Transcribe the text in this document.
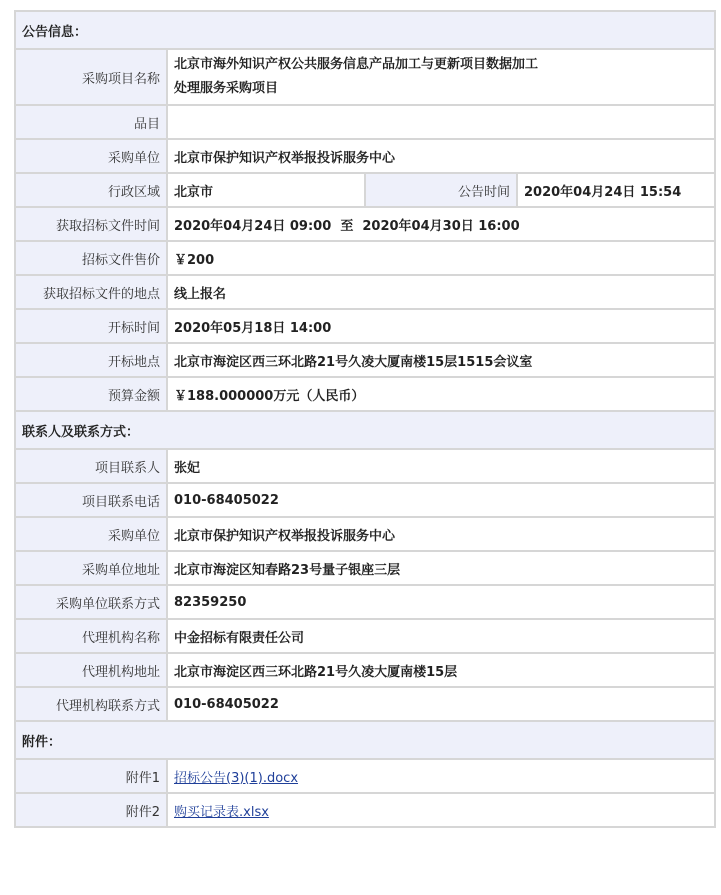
公告信息：			
采购项目名称	北京市海外知识产权公共服务信息产品加工与更新项目数据加工
处理服务采购项目		
品目			
采购单位	北京市保护知识产权举报投诉服务中心		
行政区域	北京市	公告时间	2020年04月24日 15:54
获取招标文件时间	2020年04月24日 09:00  至  2020年04月30日 16:00		
招标文件售价	￥200		
获取招标文件的地点	线上报名		
开标时间	2020年05月18日 14:00		
开标地点	北京市海淀区西三环北路21号久凌大厦南楼15层1515会议室		
预算金额	￥188.000000万元（人民币）		
联系人及联系方式：			
项目联系人	张妃		
项目联系电话	010-68405022		
采购单位	北京市保护知识产权举报投诉服务中心		
采购单位地址	北京市海淀区知春路23号量子银座三层		
采购单位联系方式	82359250		
代理机构名称	中金招标有限责任公司		
代理机构地址	北京市海淀区西三环北路21号久凌大厦南楼15层		
代理机构联系方式	010-68405022		
附件：			
附件1	招标公告(3)(1).docx		
附件2	购买记录表.xlsx		
